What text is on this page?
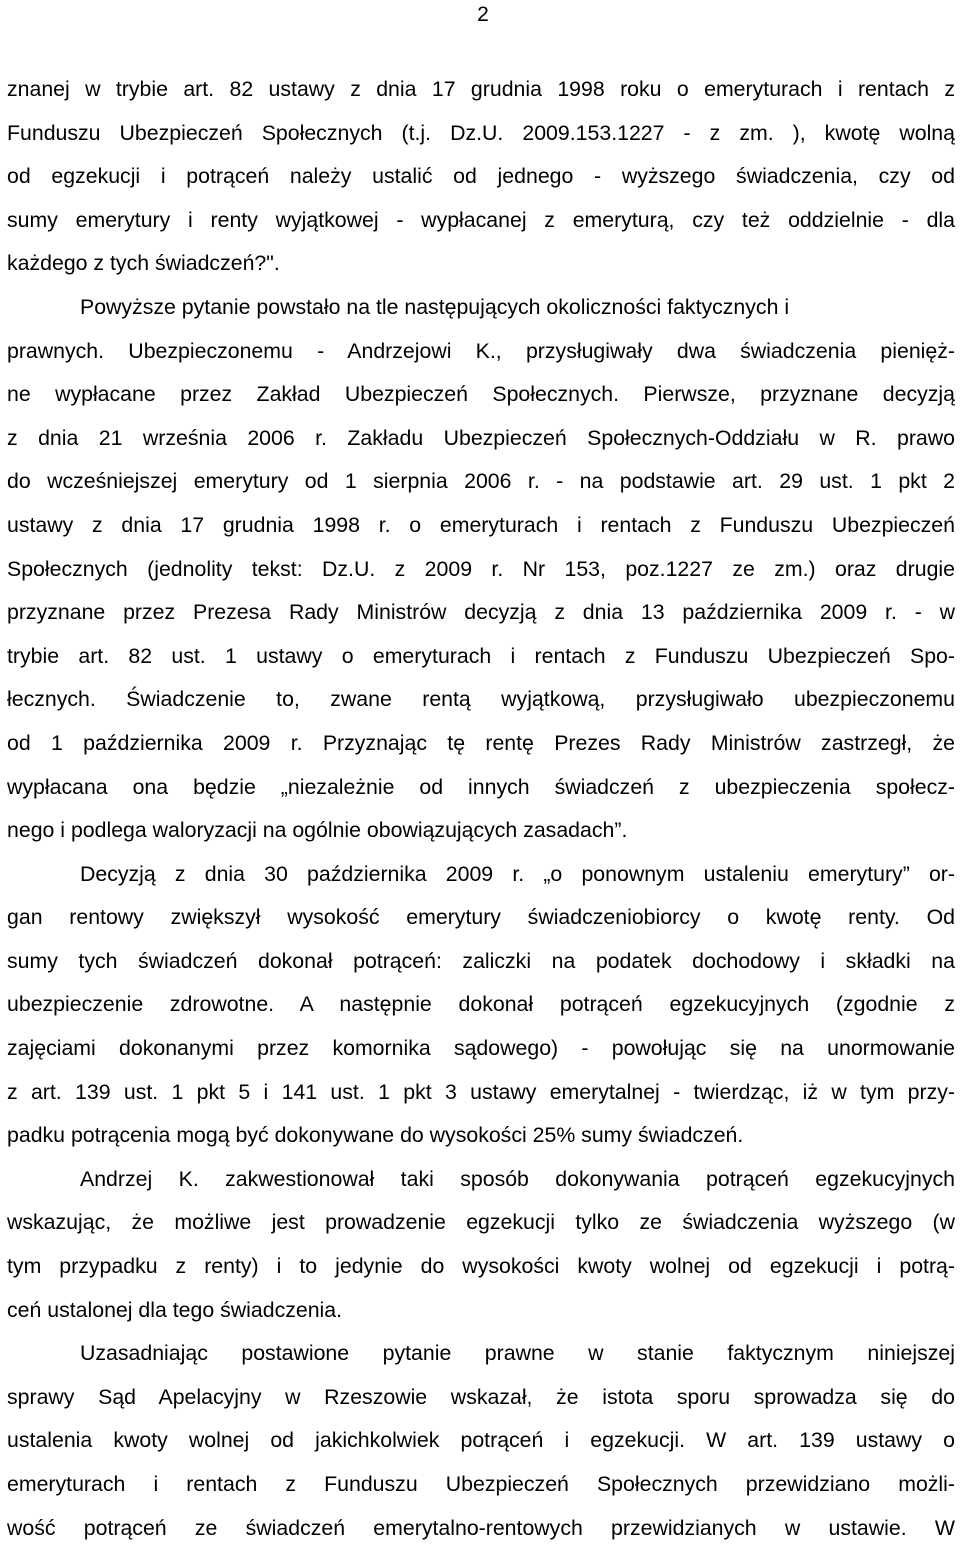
2
znanej w trybie art. 82 ustawy z dnia 17 grudnia 1998 roku o emeryturach i rentach z
Funduszu Ubezpieczeń Społecznych (t.j. Dz.U. 2009.153.1227 - z zm. ), kwotę wolną
od egzekucji i potrąceń należy ustalić od jednego - wyższego świadczenia, czy od
sumy emerytury i renty wyjątkowej - wypłacanej z emeryturą, czy też oddzielnie - dla
każdego z tych świadczeń?".
Powyższe pytanie powstało na tle następujących okoliczności faktycznych i
prawnych. Ubezpieczonemu - Andrzejowi K., przysługiwały dwa świadczenia pienięż-
ne wypłacane przez Zakład Ubezpieczeń Społecznych. Pierwsze, przyznane decyzją
z dnia 21 września 2006 r. Zakładu Ubezpieczeń Społecznych-Oddziału w R. prawo
do wcześniejszej emerytury od 1 sierpnia 2006 r. - na podstawie art. 29 ust. 1 pkt 2
ustawy z dnia 17 grudnia 1998 r. o emeryturach i rentach z Funduszu Ubezpieczeń
Społecznych (jednolity tekst: Dz.U. z 2009 r. Nr 153, poz.1227 ze zm.) oraz drugie
przyznane przez Prezesa Rady Ministrów decyzją z dnia 13 października 2009 r. - w
trybie art. 82 ust. 1 ustawy o emeryturach i rentach z Funduszu Ubezpieczeń Spo-
łecznych. Świadczenie to, zwane rentą wyjątkową, przysługiwało ubezpieczonemu
od 1 października 2009 r. Przyznając tę rentę Prezes Rady Ministrów zastrzegł, że
wypłacana ona będzie „niezależnie od innych świadczeń z ubezpieczenia społecz-
nego i podlega waloryzacji na ogólnie obowiązujących zasadach”.
Decyzją z dnia 30 października 2009 r. „o ponownym ustaleniu emerytury” or-
gan rentowy zwiększył wysokość emerytury świadczeniobiorcy o kwotę renty. Od
sumy tych świadczeń dokonał potrąceń: zaliczki na podatek dochodowy i składki na
ubezpieczenie zdrowotne. A następnie dokonał potrąceń egzekucyjnych (zgodnie z
zajęciami dokonanymi przez komornika sądowego) - powołując się na unormowanie
z art. 139 ust. 1 pkt 5 i 141 ust. 1 pkt 3 ustawy emerytalnej - twierdząc, iż w tym przy-
padku potrącenia mogą być dokonywane do wysokości 25% sumy świadczeń.
Andrzej K. zakwestionował taki sposób dokonywania potrąceń egzekucyjnych
wskazując, że możliwe jest prowadzenie egzekucji tylko ze świadczenia wyższego (w
tym przypadku z renty) i to jedynie do wysokości kwoty wolnej od egzekucji i potrą-
ceń ustalonej dla tego świadczenia.
Uzasadniając postawione pytanie prawne w stanie faktycznym niniejszej
sprawy Sąd Apelacyjny w Rzeszowie wskazał, że istota sporu sprowadza się do
ustalenia kwoty wolnej od jakichkolwiek potrąceń i egzekucji. W art. 139 ustawy o
emeryturach i rentach z Funduszu Ubezpieczeń Społecznych przewidziano możli-
wość potrąceń ze świadczeń emerytalno-rentowych przewidzianych w ustawie. W
